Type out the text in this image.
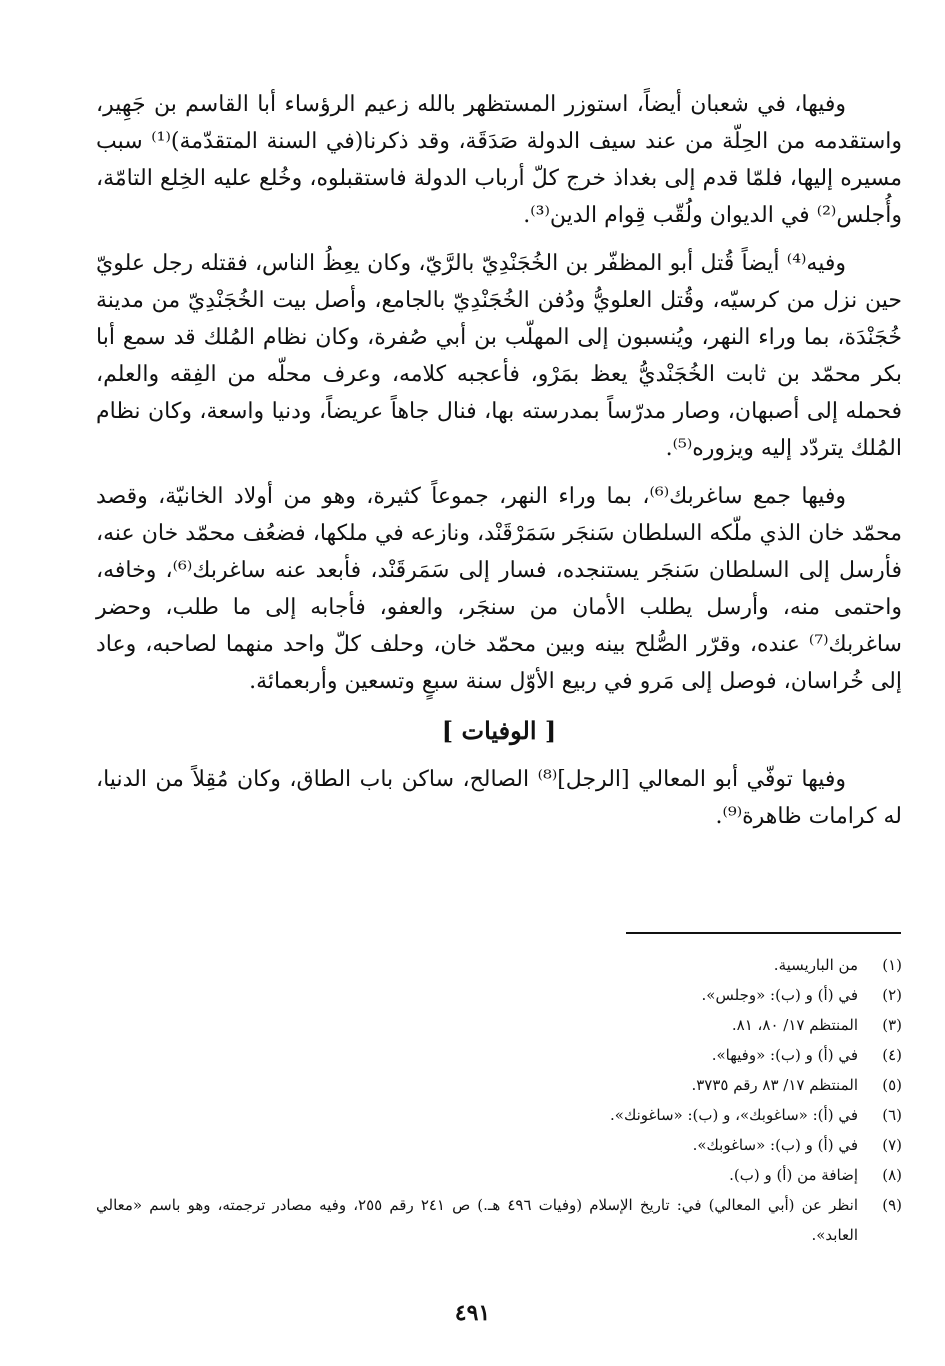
وفيها، في شعبان أيضاً، استوزر المستظهر بالله زعيم الرؤساء أبا القاسم بن جَهِير، واستقدمه من الحِلّة من عند سيف الدولة صَدَقَة، وقد ذكرنا(في السنة المتقدّمة)⁽¹⁾ سبب مسيره إليها، فلمّا قدم إلى بغداذ خرج كلّ أرباب الدولة فاستقبلوه، وخُلع عليه الخِلع التامّة، وأُجلس⁽²⁾ في الديوان ولُقّب قِوام الدين⁽³⁾.

وفيه⁽⁴⁾ أيضاً قُتل أبو المظفّر بن الخُجَنْدِيّ بالرَّيّ، وكان يعِظُ الناس، فقتله رجل علويّ حين نزل من كرسيّه، وقُتل العلويُّ ودُفن الخُجَنْدِيّ بالجامع، وأصل بيت الخُجَنْدِيّ من مدينة خُجَنْدَة، بما وراء النهر، ويُنسبون إلى المهلّب بن أبي صُفرة، وكان نظام المُلك قد سمع أبا بكر محمّد بن ثابت الخُجَنْديُّ يعظ بمَرْو، فأعجبه كلامه، وعرف محلّه من الفِقه والعلم، فحمله إلى أصبهان، وصار مدرّساً بمدرسته بها، فنال جاهاً عريضاً، ودنيا واسعة، وكان نظام المُلك يتردّد إليه ويزوره⁽⁵⁾.

وفيها جمع ساغربك⁽⁶⁾، بما وراء النهر، جموعاً كثيرة، وهو من أولاد الخانيّة، وقصد محمّد خان الذي ملّكه السلطان سَنجَر سَمَرْقَنْد، ونازعه في ملكها، فضعُف محمّد خان عنه، فأرسل إلى السلطان سَنجَر يستنجده، فسار إلى سَمَرقَنْد، فأبعد عنه ساغربك⁽⁶⁾، وخافه، واحتمى منه، وأرسل يطلب الأمان من سنجَر، والعفو، فأجابه إلى ما طلب، وحضر ساغربك⁽⁷⁾ عنده، وقرّر الصُّلح بينه وبين محمّد خان، وحلف كلّ واحد منهما لصاحبه، وعاد إلى خُراسان، فوصل إلى مَرو في ربيع الأوّل سنة سبعٍ وتسعين وأربعمائة.

[ الوفيات ]

وفيها توفّي أبو المعالي [الرجل]⁽⁸⁾ الصالح، ساكن باب الطاق، وكان مُقِلاً من الدنيا، له كرامات ظاهرة⁽⁹⁾.

(١)
من الباريسية.
(٢)
في (أ) و (ب): «وجلس».
(٣)
المنتظم ١٧/ ٨٠، ٨١.
(٤)
في (أ) و (ب): «وفيها».
(٥)
المنتظم ١٧/ ٨٣ رقم ٣٧٣٥.
(٦)
في (أ): «ساغوبك»، و (ب): «ساغونك».
(٧)
في (أ) و (ب): «ساغوبك».
(٨)
إضافة من (أ) و (ب).
(٩)
انظر عن (أبي المعالي) في: تاريخ الإسلام (وفيات ٤٩٦ هـ.) ص ٢٤١ رقم ٢٥٥، وفيه مصادر ترجمته، وهو باسم «معالي العابد».
٤٩١
